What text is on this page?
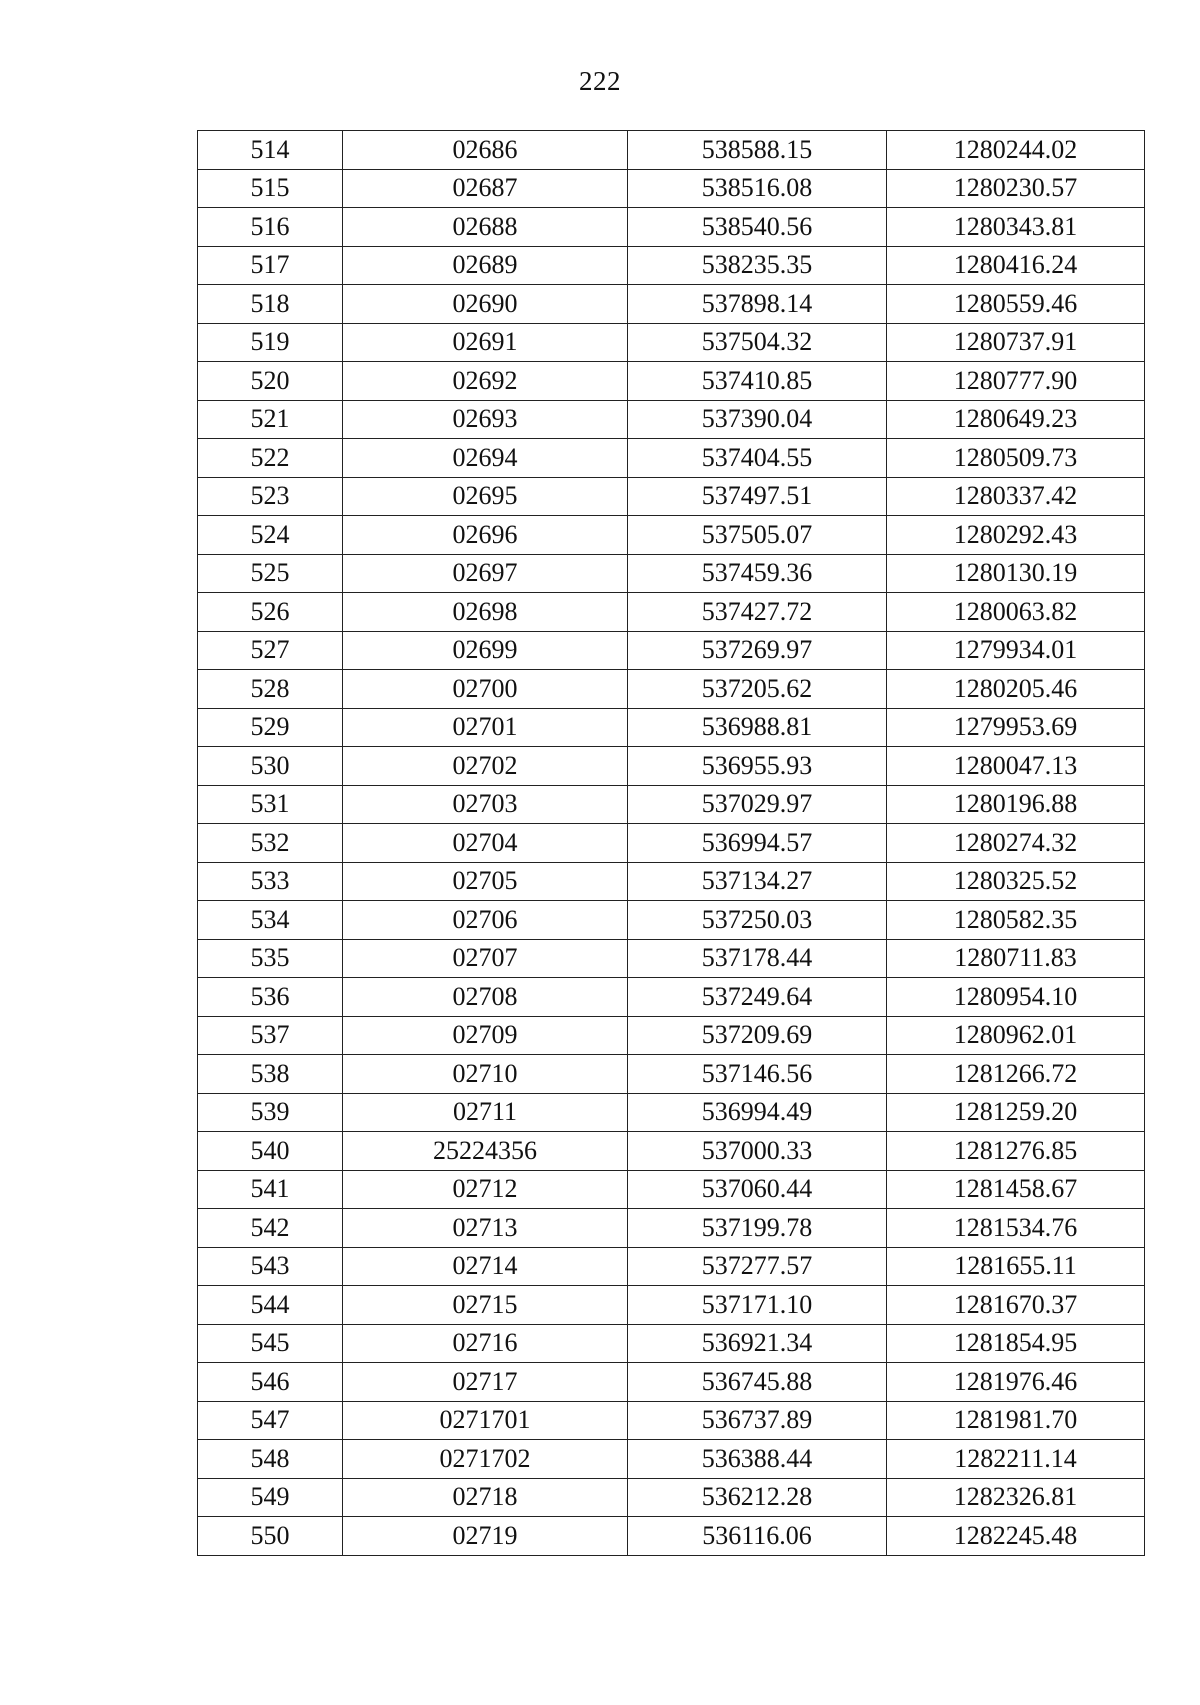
222
514	02686	538588.15	1280244.02
515	02687	538516.08	1280230.57
516	02688	538540.56	1280343.81
517	02689	538235.35	1280416.24
518	02690	537898.14	1280559.46
519	02691	537504.32	1280737.91
520	02692	537410.85	1280777.90
521	02693	537390.04	1280649.23
522	02694	537404.55	1280509.73
523	02695	537497.51	1280337.42
524	02696	537505.07	1280292.43
525	02697	537459.36	1280130.19
526	02698	537427.72	1280063.82
527	02699	537269.97	1279934.01
528	02700	537205.62	1280205.46
529	02701	536988.81	1279953.69
530	02702	536955.93	1280047.13
531	02703	537029.97	1280196.88
532	02704	536994.57	1280274.32
533	02705	537134.27	1280325.52
534	02706	537250.03	1280582.35
535	02707	537178.44	1280711.83
536	02708	537249.64	1280954.10
537	02709	537209.69	1280962.01
538	02710	537146.56	1281266.72
539	02711	536994.49	1281259.20
540	25224356	537000.33	1281276.85
541	02712	537060.44	1281458.67
542	02713	537199.78	1281534.76
543	02714	537277.57	1281655.11
544	02715	537171.10	1281670.37
545	02716	536921.34	1281854.95
546	02717	536745.88	1281976.46
547	0271701	536737.89	1281981.70
548	0271702	536388.44	1282211.14
549	02718	536212.28	1282326.81
550	02719	536116.06	1282245.48
